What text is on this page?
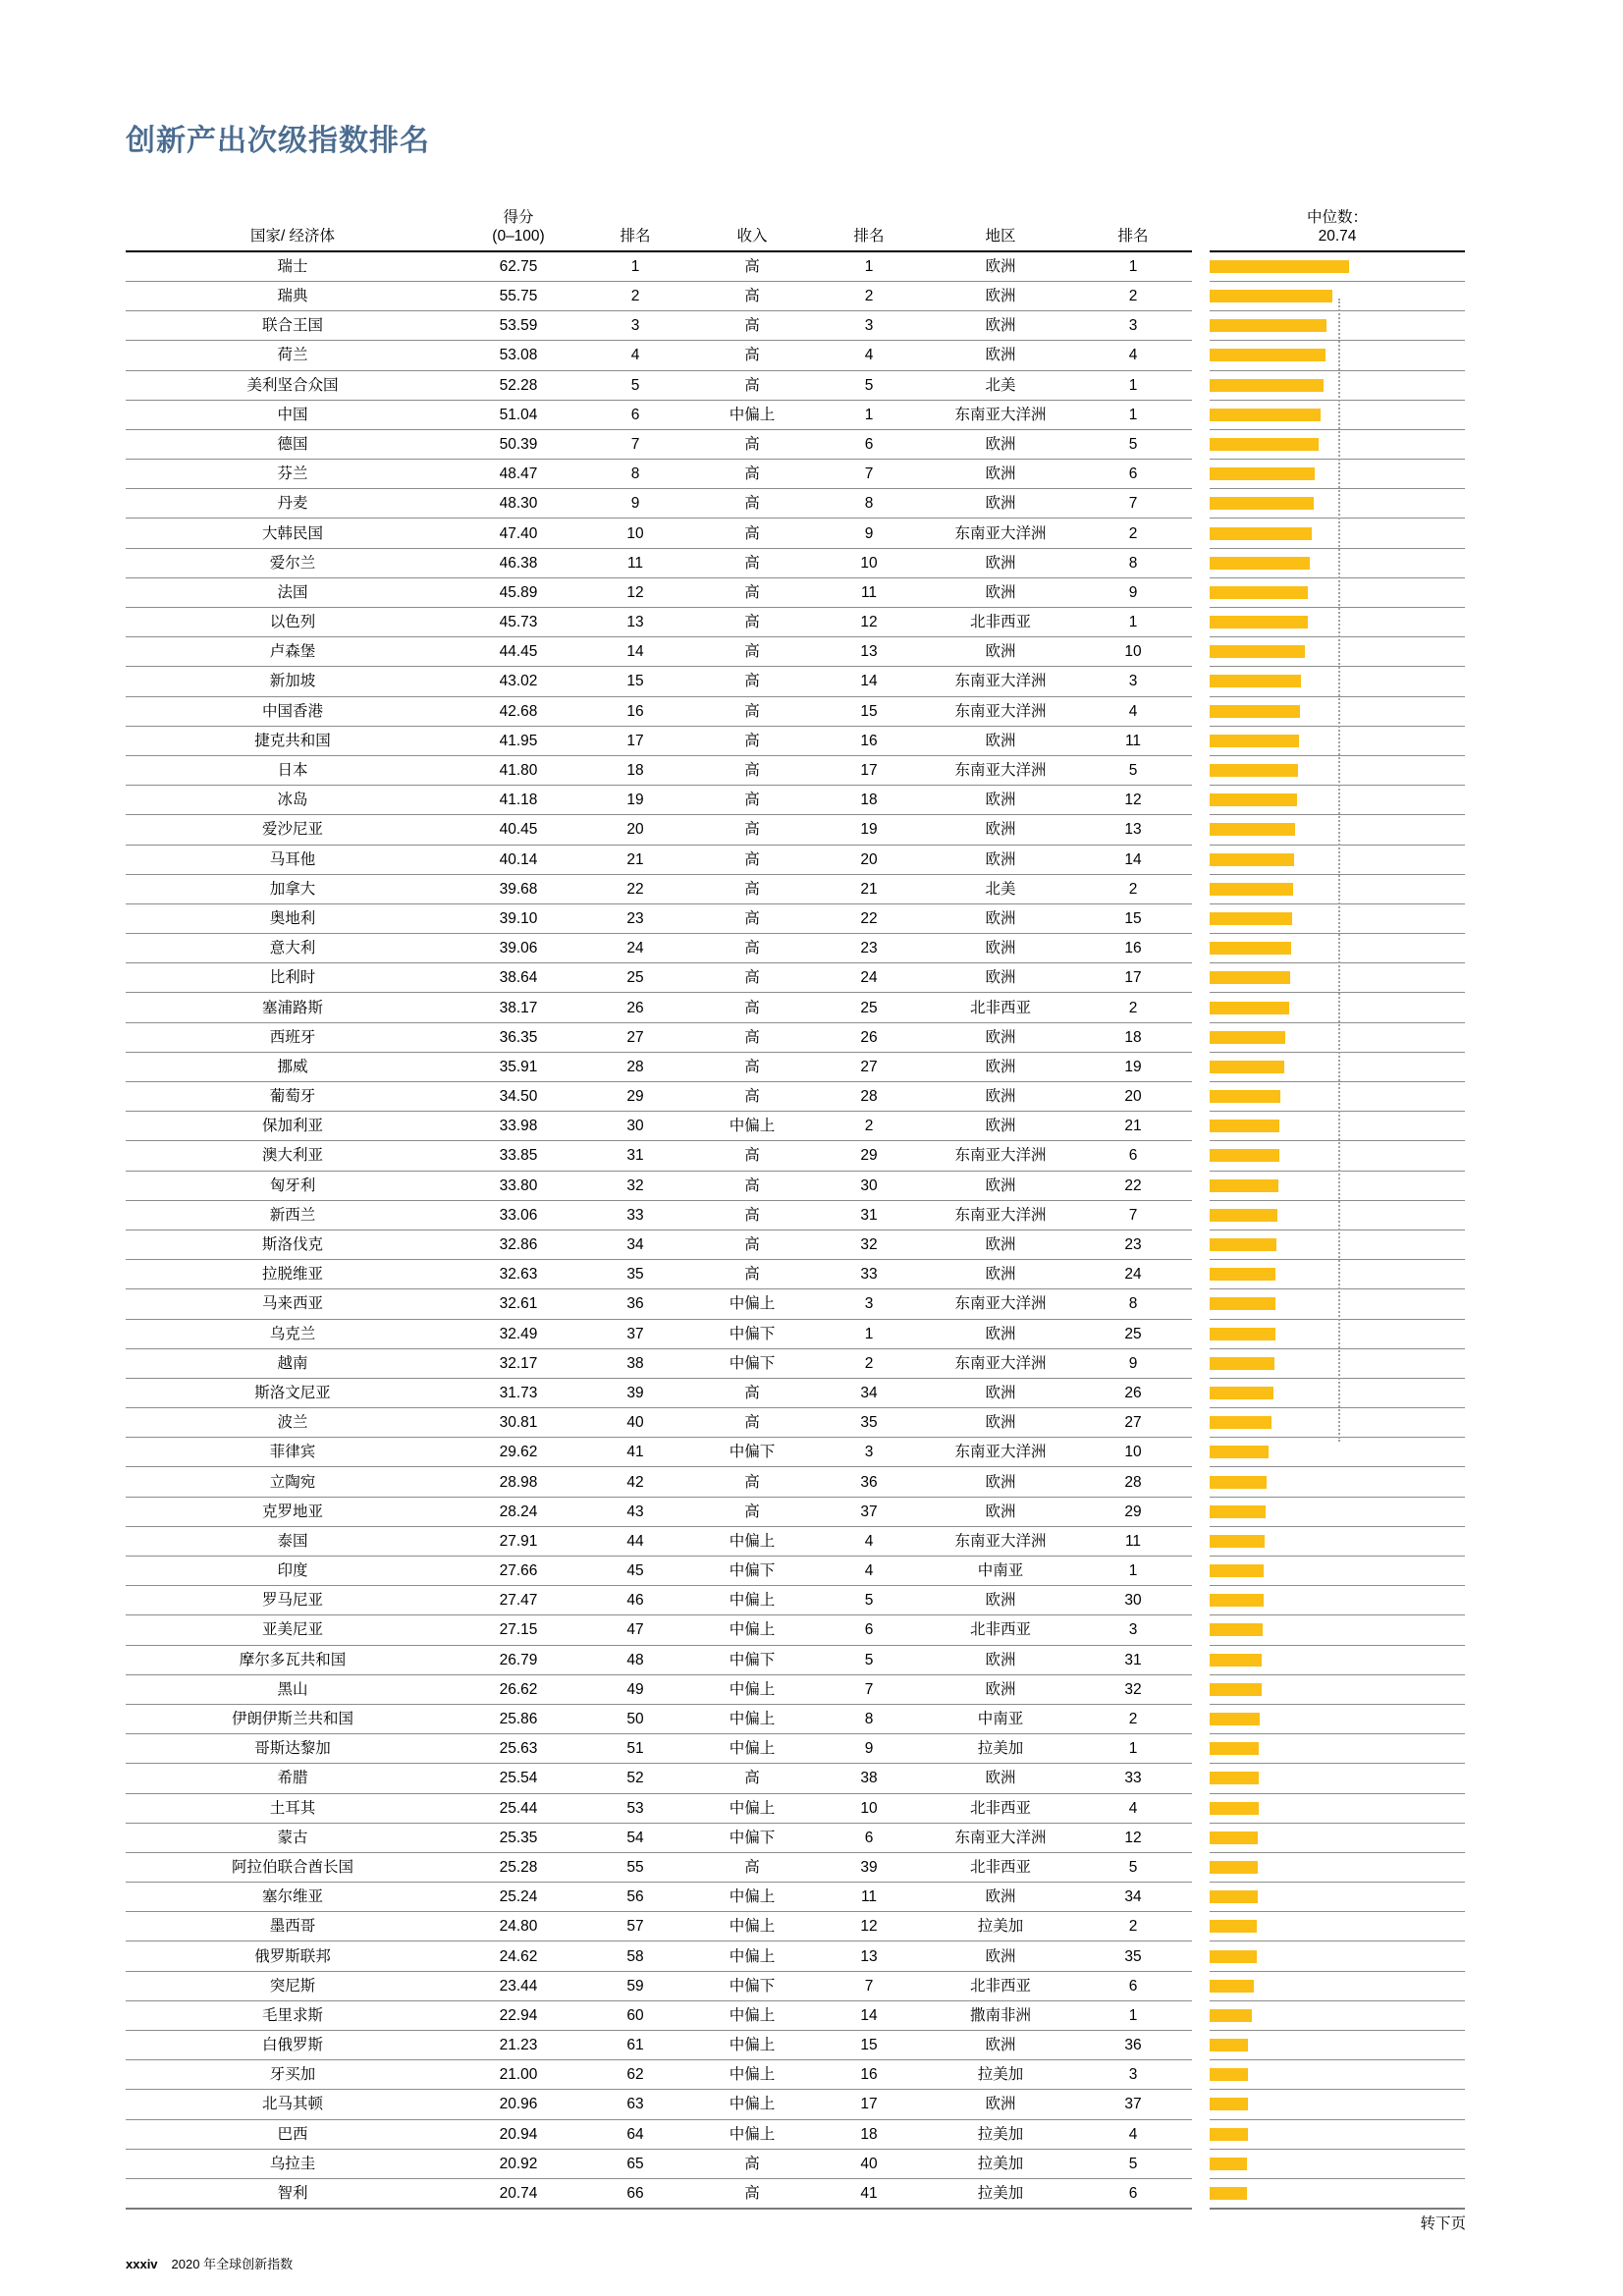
创新产出次级指数排名
国家/ 经济体	得分
(0–100)	排名	收入	排名	地区	排名		中位数：
20.74
瑞士	62.75	1	高	1	欧洲	1		

瑞典	55.75	2	高	2	欧洲	2		

联合王国	53.59	3	高	3	欧洲	3		

荷兰	53.08	4	高	4	欧洲	4		

美利坚合众国	52.28	5	高	5	北美	1		

中国	51.04	6	中偏上	1	东南亚大洋洲	1		

德国	50.39	7	高	6	欧洲	5		

芬兰	48.47	8	高	7	欧洲	6		

丹麦	48.30	9	高	8	欧洲	7		

大韩民国	47.40	10	高	9	东南亚大洋洲	2		

爱尔兰	46.38	11	高	10	欧洲	8		

法国	45.89	12	高	11	欧洲	9		

以色列	45.73	13	高	12	北非西亚	1		

卢森堡	44.45	14	高	13	欧洲	10		

新加坡	43.02	15	高	14	东南亚大洋洲	3		

中国香港	42.68	16	高	15	东南亚大洋洲	4		

捷克共和国	41.95	17	高	16	欧洲	11		

日本	41.80	18	高	17	东南亚大洋洲	5		

冰岛	41.18	19	高	18	欧洲	12		

爱沙尼亚	40.45	20	高	19	欧洲	13		

马耳他	40.14	21	高	20	欧洲	14		

加拿大	39.68	22	高	21	北美	2		

奥地利	39.10	23	高	22	欧洲	15		

意大利	39.06	24	高	23	欧洲	16		

比利时	38.64	25	高	24	欧洲	17		

塞浦路斯	38.17	26	高	25	北非西亚	2		

西班牙	36.35	27	高	26	欧洲	18		

挪威	35.91	28	高	27	欧洲	19		

葡萄牙	34.50	29	高	28	欧洲	20		

保加利亚	33.98	30	中偏上	2	欧洲	21		

澳大利亚	33.85	31	高	29	东南亚大洋洲	6		

匈牙利	33.80	32	高	30	欧洲	22		

新西兰	33.06	33	高	31	东南亚大洋洲	7		

斯洛伐克	32.86	34	高	32	欧洲	23		

拉脱维亚	32.63	35	高	33	欧洲	24		

马来西亚	32.61	36	中偏上	3	东南亚大洋洲	8		

乌克兰	32.49	37	中偏下	1	欧洲	25		

越南	32.17	38	中偏下	2	东南亚大洋洲	9		

斯洛文尼亚	31.73	39	高	34	欧洲	26		

波兰	30.81	40	高	35	欧洲	27		

菲律宾	29.62	41	中偏下	3	东南亚大洋洲	10		

立陶宛	28.98	42	高	36	欧洲	28		

克罗地亚	28.24	43	高	37	欧洲	29		

泰国	27.91	44	中偏上	4	东南亚大洋洲	11		

印度	27.66	45	中偏下	4	中南亚	1		

罗马尼亚	27.47	46	中偏上	5	欧洲	30		

亚美尼亚	27.15	47	中偏上	6	北非西亚	3		

摩尔多瓦共和国	26.79	48	中偏下	5	欧洲	31		

黑山	26.62	49	中偏上	7	欧洲	32		

伊朗伊斯兰共和国	25.86	50	中偏上	8	中南亚	2		

哥斯达黎加	25.63	51	中偏上	9	拉美加	1		

希腊	25.54	52	高	38	欧洲	33		

土耳其	25.44	53	中偏上	10	北非西亚	4		

蒙古	25.35	54	中偏下	6	东南亚大洋洲	12		

阿拉伯联合酋长国	25.28	55	高	39	北非西亚	5		

塞尔维亚	25.24	56	中偏上	11	欧洲	34		

墨西哥	24.80	57	中偏上	12	拉美加	2		

俄罗斯联邦	24.62	58	中偏上	13	欧洲	35		

突尼斯	23.44	59	中偏下	7	北非西亚	6		

毛里求斯	22.94	60	中偏上	14	撒南非洲	1		

白俄罗斯	21.23	61	中偏上	15	欧洲	36		

牙买加	21.00	62	中偏上	16	拉美加	3		

北马其顿	20.96	63	中偏上	17	欧洲	37		

巴西	20.94	64	中偏上	18	拉美加	4		

乌拉圭	20.92	65	高	40	拉美加	5		

智利	20.74	66	高	41	拉美加	6		
转下页
xxxiv 2020 年全球创新指数
